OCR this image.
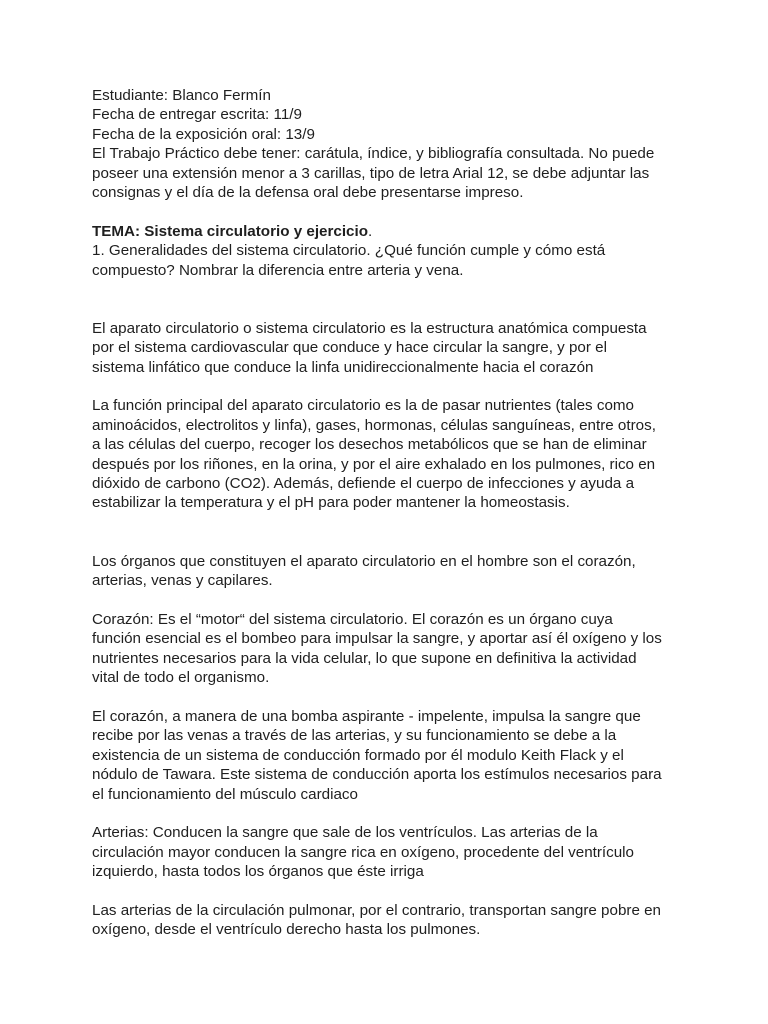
Estudiante: Blanco Fermín
Fecha de entregar escrita: 11/9
Fecha de la exposición oral: 13/9
El Trabajo Práctico debe tener: carátula, índice, y bibliografía consultada. No puede
poseer una extensión menor a 3 carillas, tipo de letra Arial 12, se debe adjuntar las
consignas y el día de la defensa oral debe presentarse impreso.
TEMA: Sistema circulatorio y ejercicio.
1. Generalidades del sistema circulatorio. ¿Qué función cumple y cómo está
compuesto? Nombrar la diferencia entre arteria y vena.
El aparato circulatorio o sistema circulatorio es la estructura anatómica compuesta
por el sistema cardiovascular que conduce y hace circular la sangre, y por el
sistema linfático que conduce la linfa unidireccionalmente hacia el corazón
La función principal del aparato circulatorio es la de pasar nutrientes (tales como
aminoácidos, electrolitos y linfa), gases, hormonas, células sanguíneas, entre otros,
a las células del cuerpo, recoger los desechos metabólicos que se han de eliminar
después por los riñones, en la orina, y por el aire exhalado en los pulmones, rico en
dióxido de carbono (CO2). Además, defiende el cuerpo de infecciones y ayuda a
estabilizar la temperatura y el pH para poder mantener la homeostasis.
Los órganos que constituyen el aparato circulatorio en el hombre son el corazón,
arterias, venas y capilares.
Corazón: Es el “motor“ del sistema circulatorio. El corazón es un órgano cuya
función esencial es el bombeo para impulsar la sangre, y aportar así él oxígeno y los
nutrientes necesarios para la vida celular, lo que supone en definitiva la actividad
vital de todo el organismo.
El corazón, a manera de una bomba aspirante - impelente, impulsa la sangre que
recibe por las venas a través de las arterias, y su funcionamiento se debe a la
existencia de un sistema de conducción formado por él modulo Keith Flack y el
nódulo de Tawara. Este sistema de conducción aporta los estímulos necesarios para
el funcionamiento del músculo cardiaco
Arterias: Conducen la sangre que sale de los ventrículos. Las arterias de la
circulación mayor conducen la sangre rica en oxígeno, procedente del ventrículo
izquierdo, hasta todos los órganos que éste irriga
Las arterias de la circulación pulmonar, por el contrario, transportan sangre pobre en
oxígeno, desde el ventrículo derecho hasta los pulmones.
